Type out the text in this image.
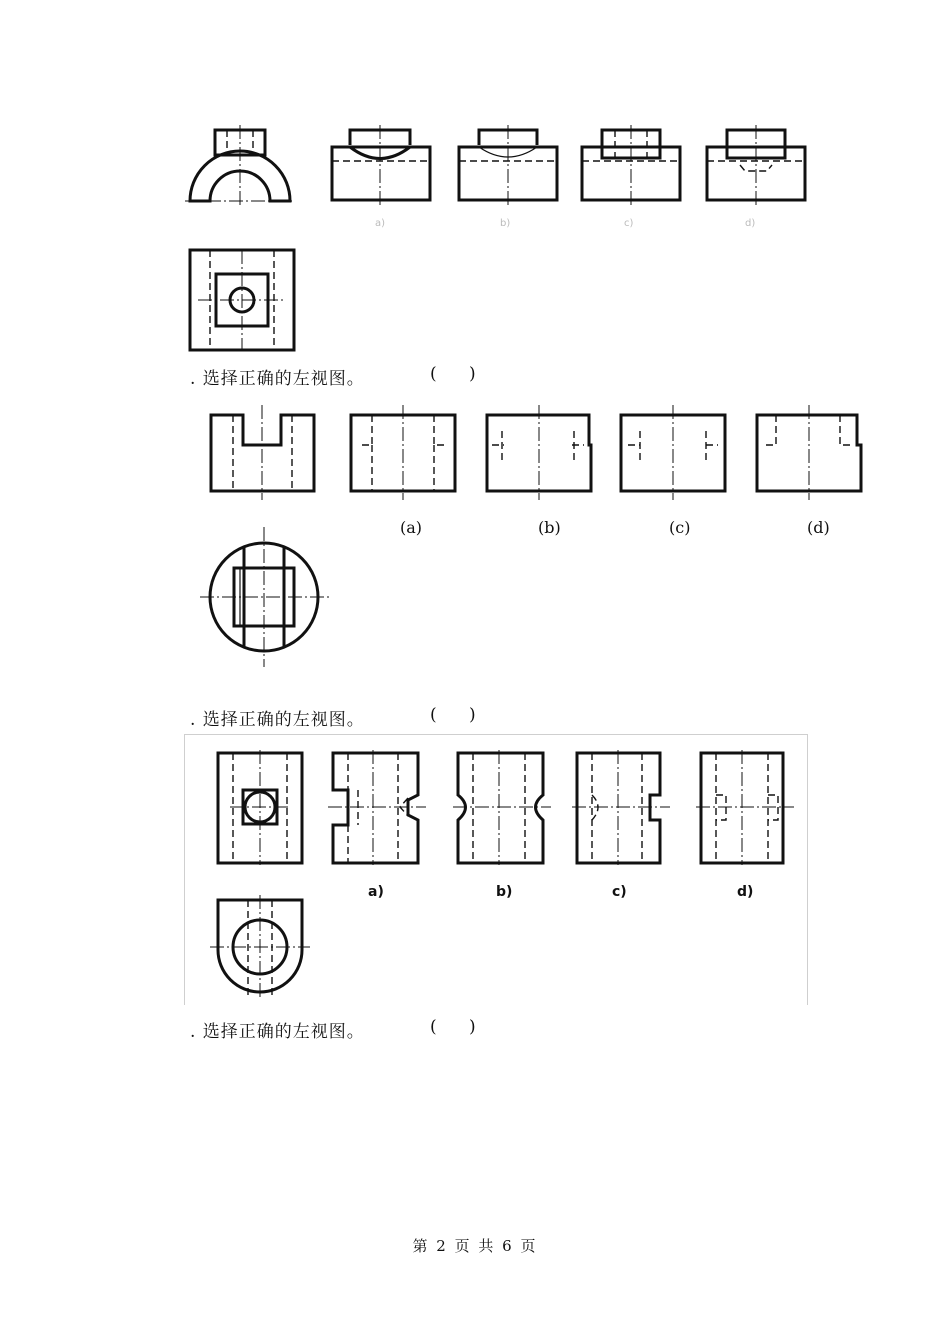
a)	b)	c)	d)
. 选择正确的左视图。	(      )
(a)	(b)	(c)	(d)
. 选择正确的左视图。	(      )
a)	b)	c)	d)
. 选择正确的左视图。	(      )
第 2 页 共 6 页
